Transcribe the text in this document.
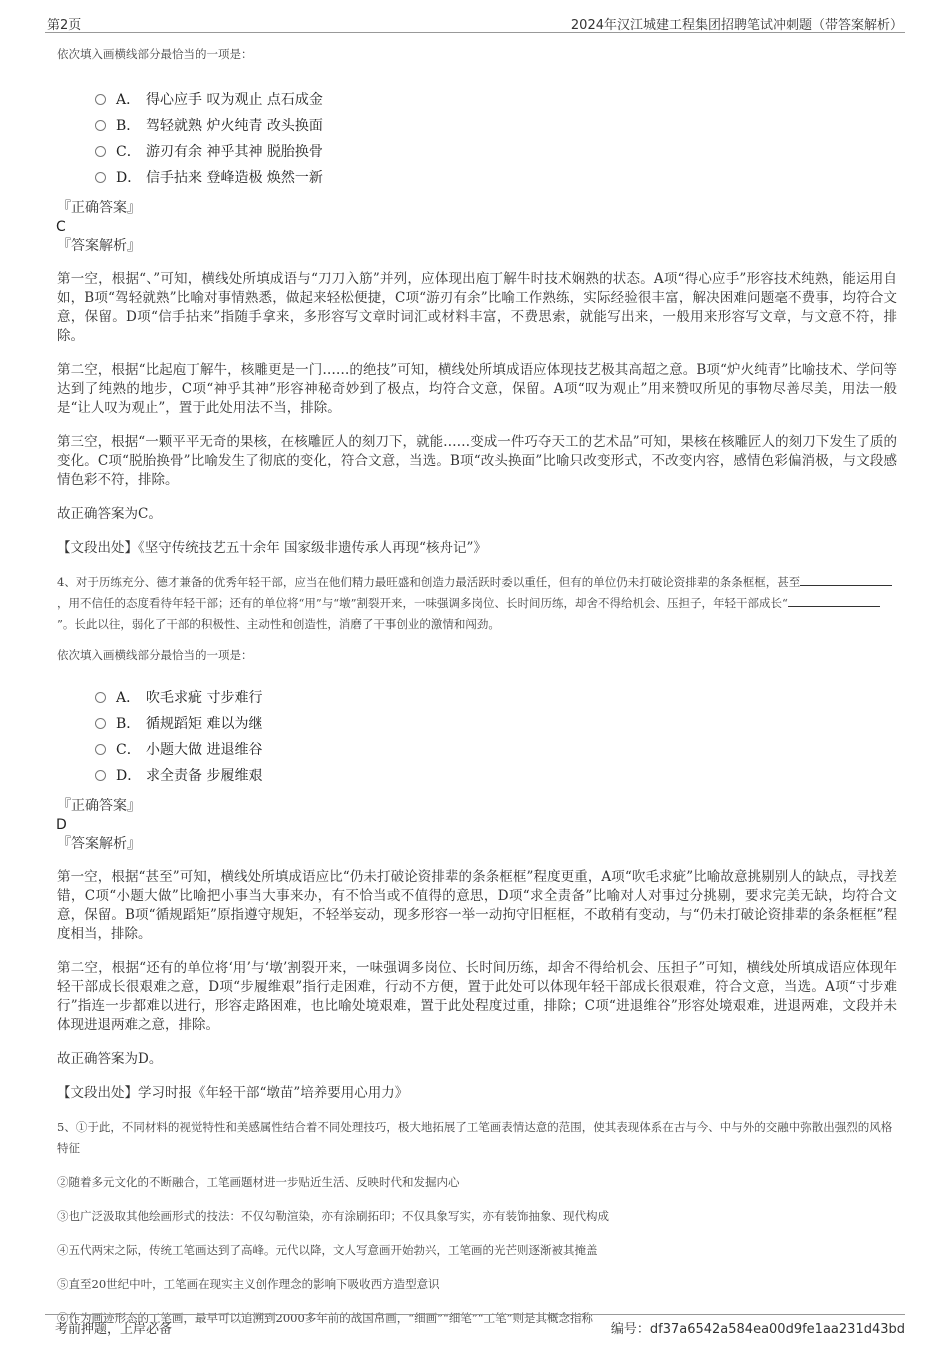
第2页	2024年汉江城建工程集团招聘笔试冲刺题（带答案解析）

依次填入画横线部分最恰当的一项是：

A． 得心应手 叹为观止 点石成金
B． 驾轻就熟 炉火纯青 改头换面
C． 游刃有余 神乎其神 脱胎换骨
D． 信手拈来 登峰造极 焕然一新

『正确答案』

C

『答案解析』

第一空，根据“、”可知，横线处所填成语与“刀刀入筋”并列，应体现出庖丁解牛时技术娴熟的状态。A项“得心应手”形容技术纯熟，能运用自如，B项“驾轻就熟”比喻对事情熟悉，做起来轻松便捷，C项“游刃有余”比喻工作熟练，实际经验很丰富，解决困难问题毫不费事，均符合文意，保留。D项“信手拈来”指随手拿来，多形容写文章时词汇或材料丰富，不费思索，就能写出来，一般用来形容写文章，与文意不符，排除。

第二空，根据“比起庖丁解牛，核雕更是一门……的绝技”可知，横线处所填成语应体现技艺极其高超之意。B项“炉火纯青”比喻技术、学问等达到了纯熟的地步，C项“神乎其神”形容神秘奇妙到了极点，均符合文意，保留。A项“叹为观止”用来赞叹所见的事物尽善尽美，用法一般是“让人叹为观止”，置于此处用法不当，排除。

第三空，根据“一颗平平无奇的果核，在核雕匠人的刻刀下，就能……变成一件巧夺天工的艺术品”可知，果核在核雕匠人的刻刀下发生了质的变化。C项“脱胎换骨”比喻发生了彻底的变化，符合文意，当选。B项“改头换面”比喻只改变形式，不改变内容，感情色彩偏消极，与文段感情色彩不符，排除。

故正确答案为C。

【文段出处】《坚守传统技艺五十余年 国家级非遗传承人再现“核舟记”》

4、对于历练充分、德才兼备的优秀年轻干部，应当在他们精力最旺盛和创造力最活跃时委以重任，但有的单位仍未打破论资排辈的条条框框，甚至，用不信任的态度看待年轻干部；还有的单位将“用”与“墩”割裂开来，一味强调多岗位、长时间历练，却舍不得给机会、压担子，年轻干部成长“”。长此以往，弱化了干部的积极性、主动性和创造性，消磨了干事创业的激情和闯劲。

依次填入画横线部分最恰当的一项是：

A． 吹毛求疵 寸步难行
B． 循规蹈矩 难以为继
C． 小题大做 进退维谷
D． 求全责备 步履维艰

『正确答案』

D

『答案解析』

第一空，根据“甚至”可知，横线处所填成语应比“仍未打破论资排辈的条条框框”程度更重，A项“吹毛求疵”比喻故意挑剔别人的缺点，寻找差错，C项“小题大做”比喻把小事当大事来办，有不恰当或不值得的意思，D项“求全责备”比喻对人对事过分挑剔，要求完美无缺，均符合文意，保留。B项“循规蹈矩”原指遵守规矩，不轻举妄动，现多形容一举一动拘守旧框框，不敢稍有变动，与“仍未打破论资排辈的条条框框”程度相当，排除。

第二空，根据“还有的单位将‘用’与‘墩’割裂开来，一味强调多岗位、长时间历练，却舍不得给机会、压担子”可知，横线处所填成语应体现年轻干部成长很艰难之意，D项“步履维艰”指行走困难，行动不方便，置于此处可以体现年轻干部成长很艰难，符合文意，当选。A项“寸步难行”指连一步都难以进行，形容走路困难，也比喻处境艰难，置于此处程度过重，排除；C项“进退维谷”形容处境艰难，进退两难，文段并未体现进退两难之意，排除。

故正确答案为D。

【文段出处】学习时报《年轻干部“墩苗”培养要用心用力》

5、①于此，不同材料的视觉特性和美感属性结合着不同处理技巧，极大地拓展了工笔画表情达意的范围，使其表现体系在古与今、中与外的交融中弥散出强烈的风格特征

②随着多元文化的不断融合，工笔画题材进一步贴近生活、反映时代和发掘内心

③也广泛汲取其他绘画形式的技法：不仅勾勒渲染，亦有涂刷拓印；不仅具象写实，亦有装饰抽象、现代构成

④五代两宋之际，传统工笔画达到了高峰。元代以降，文人写意画开始勃兴，工笔画的光芒则逐渐被其掩盖

⑤直至20世纪中叶，工笔画在现实主义创作理念的影响下吸收西方造型意识

⑥作为画迹形态的工笔画，最早可以追溯到2000多年前的战国帛画，“细画”“细笔”“工笔”则是其概念指称

考前押题，上岸必备	编号：df37a6542a584ea00d9fe1aa231d43bd
